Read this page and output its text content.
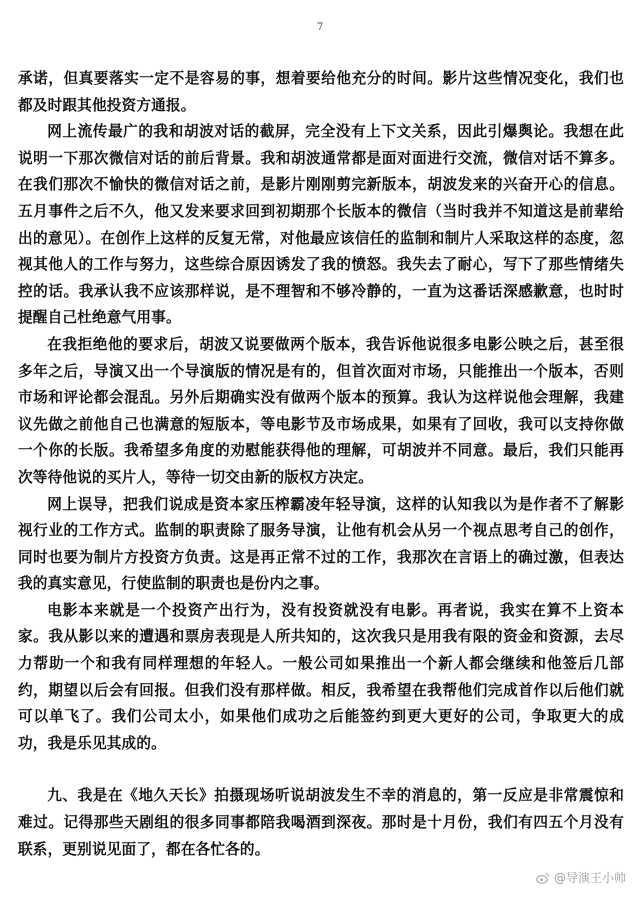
7

承诺，但真要落实一定不是容易的事，想着要给他充分的时间。影片这些情况变化，我们也都及时跟其他投资方通报。

网上流传最广的我和胡波对话的截屏，完全没有上下文关系，因此引爆舆论。我想在此说明一下那次微信对话的前后背景。我和胡波通常都是面对面进行交流，微信对话不算多。在我们那次不愉快的微信对话之前，是影片刚刚剪完新版本，胡波发来的兴奋开心的信息。五月事件之后不久，他又发来要求回到初期那个长版本的微信（当时我并不知道这是前辈给出的意见）。在创作上这样的反复无常，对他最应该信任的监制和制片人采取这样的态度，忽视其他人的工作与努力，这些综合原因诱发了我的愤怒。我失去了耐心，写下了那些情绪失控的话。我承认我不应该那样说，是不理智和不够冷静的，一直为这番话深感歉意，也时时提醒自己杜绝意气用事。

在我拒绝他的要求后，胡波又说要做两个版本，我告诉他说很多电影公映之后，甚至很多年之后，导演又出一个导演版的情况是有的，但首次面对市场，只能推出一个版本，否则市场和评论都会混乱。另外后期确实没有做两个版本的预算。我认为这样说他会理解，我建议先做之前他自己也满意的短版本，等电影节及市场成果，如果有了回收，我可以支持你做一个你的长版。我希望多角度的劝慰能获得他的理解，可胡波并不同意。最后，我们只能再次等待他说的买片人，等待一切交由新的版权方决定。

网上误导，把我们说成是资本家压榨霸凌年轻导演，这样的认知我以为是作者不了解影视行业的工作方式。监制的职责除了服务导演，让他有机会从另一个视点思考自己的创作，同时也要为制片方投资方负责。这是再正常不过的工作，我那次在言语上的确过激，但表达我的真实意见，行使监制的职责也是份内之事。

电影本来就是一个投资产出行为，没有投资就没有电影。再者说，我实在算不上资本家。我从影以来的遭遇和票房表现是人所共知的，这次我只是用我有限的资金和资源，去尽力帮助一个和我有同样理想的年轻人。一般公司如果推出一个新人都会继续和他签后几部约，期望以后会有回报。但我们没有那样做。相反，我希望在我帮他们完成首作以后他们就可以单飞了。我们公司太小，如果他们成功之后能签约到更大更好的公司，争取更大的成功，我是乐见其成的。

九、我是在《地久天长》拍摄现场听说胡波发生不幸的消息的，第一反应是非常震惊和难过。记得那些天剧组的很多同事都陪我喝酒到深夜。那时是十月份，我们有四五个月没有联系，更别说见面了，都在各忙各的。

@导演王小帅
